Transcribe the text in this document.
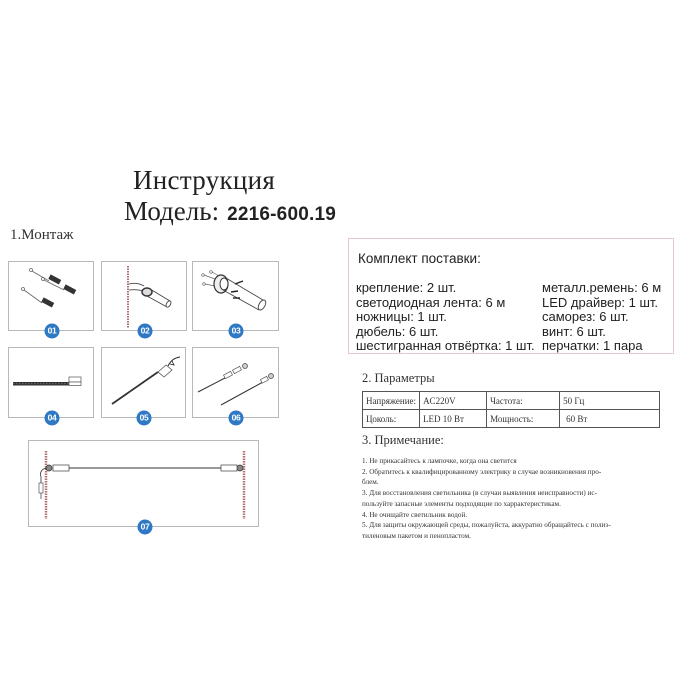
Инструкция
Модель: 2216-600.19
1.Монтаж
01	02	03
04	05	06
07
Комплект поставки:
крепление: 2 шт.
светодиодная лента: 6 м
ножницы: 1 шт.
дюбель: 6 шт.
шестигранная отвёртка: 1 шт.
металл.ремень: 6 м
LED драйвер: 1 шт.
саморез: 6 шт.
винт: 6 шт.
перчатки: 1 пара
2. Параметры
Напряжение:	AC220V	Частота:	50 Гц
Цоколь:	LED 10 Вт	Мощность:	60 Вт
3. Примечание:
1. Не прикасайтесь к лампочке, когда она светится
2. Обратитесь к квалифицированному электрику в случае возникновения про-
блем.
3. Для восстановления светильника (в случаи выявления неисправности) ис-
пользуйте запасные элементы подходящие по харрактеристикам.
4. Не очищайте светильник водой.
5. Для защиты окружающей среды, пожалуйста, аккуратно обращайтесь с полиэ-
тиленовым пакетом и пенопластом.
